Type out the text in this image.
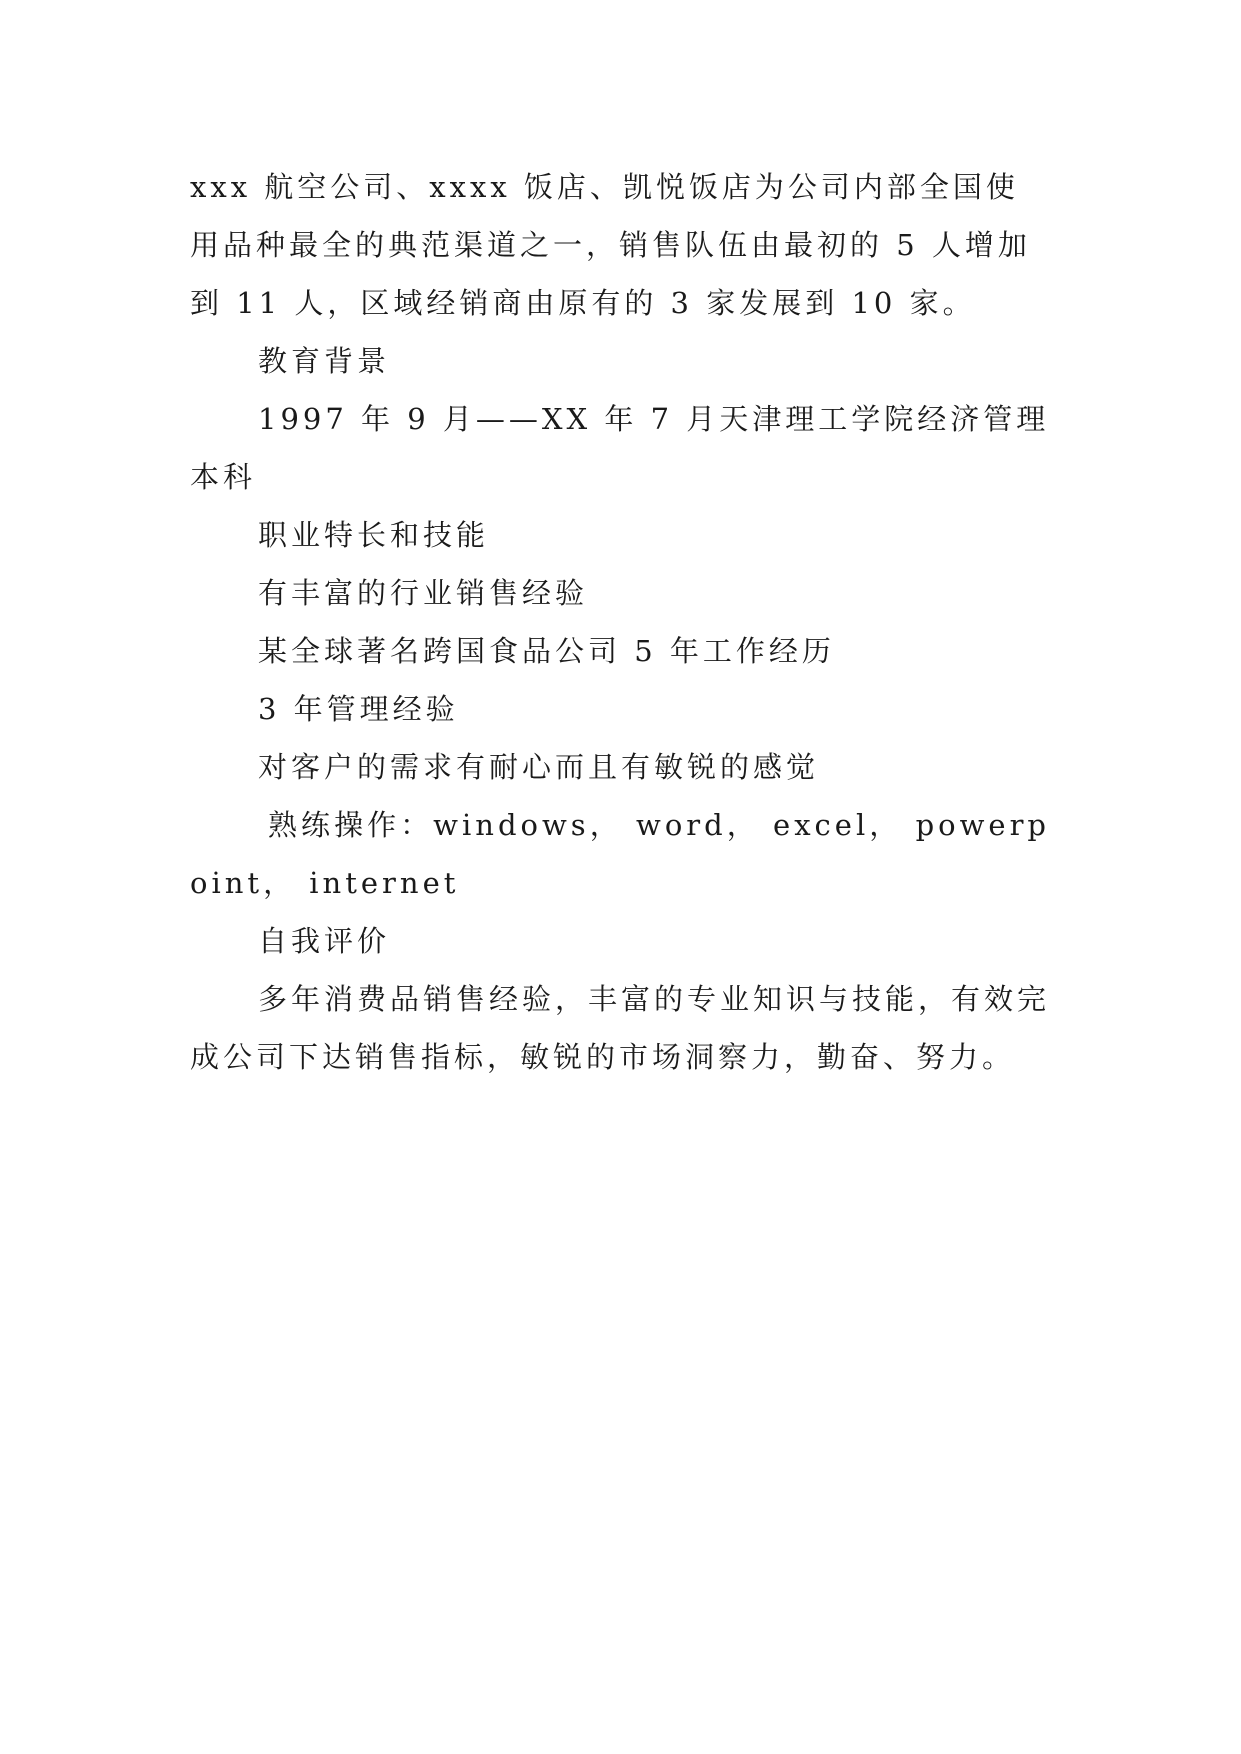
xxx 航空公司、xxxx 饭店、凯悦饭店为公司内部全国使用品种最全的典范渠道之一，销售队伍由最初的 5 人增加到 11 人，区域经销商由原有的 3 家发展到 10 家。

教育背景

1997 年 9 月——XX 年 7 月天津理工学院经济管理本科

职业特长和技能

有丰富的行业销售经验

某全球著名跨国食品公司 5 年工作经历

3 年管理经验

对客户的需求有耐心而且有敏锐的感觉

熟练操作：windows， word， excel， powerpoint， internet

自我评价

多年消费品销售经验，丰富的专业知识与技能，有效完成公司下达销售指标，敏锐的市场洞察力，勤奋、努力。
